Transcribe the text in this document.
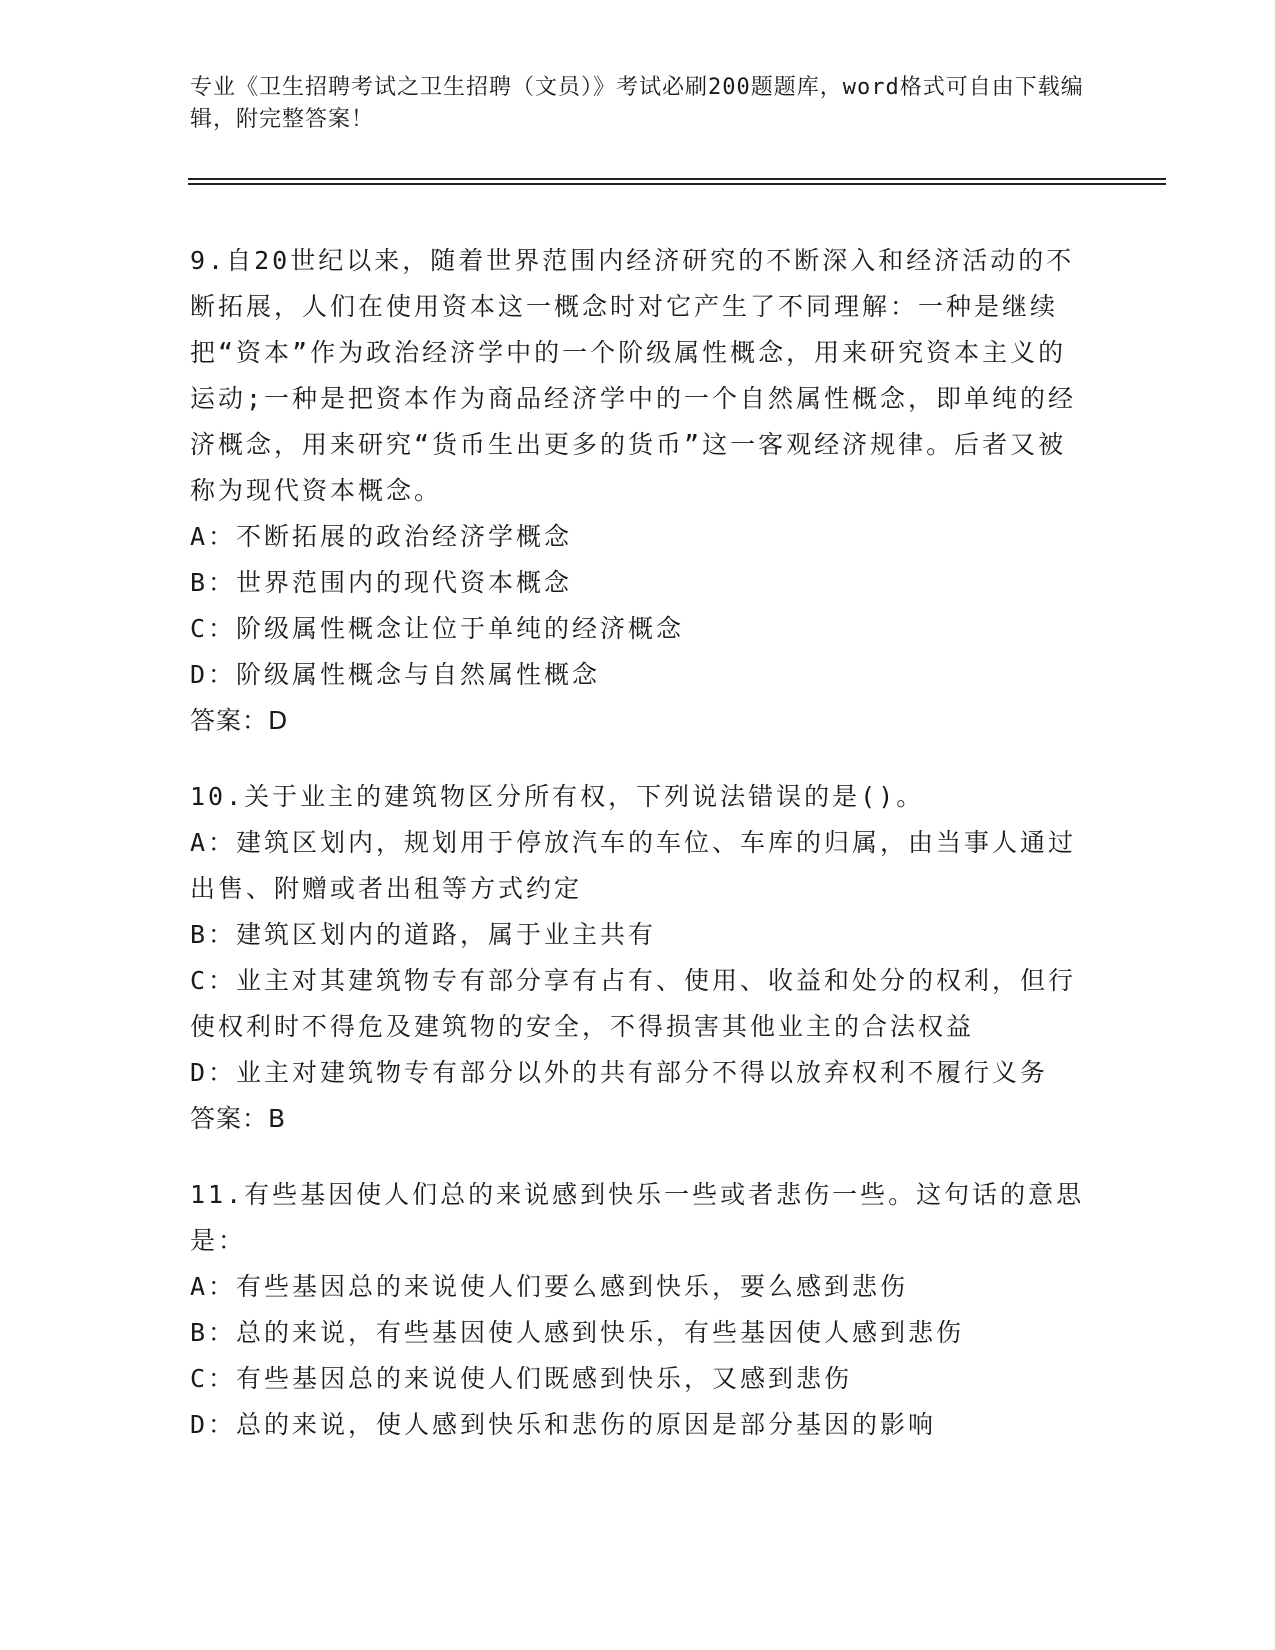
专业《卫生招聘考试之卫生招聘（文员）》考试必刷200题题库，word格式可自由下载编辑，附完整答案！

9.自20世纪以来，随着世界范围内经济研究的不断深入和经济活动的不断拓展，人们在使用资本这一概念时对它产生了不同理解：一种是继续把“资本”作为政治经济学中的一个阶级属性概念，用来研究资本主义的运动;一种是把资本作为商品经济学中的一个自然属性概念，即单纯的经济概念，用来研究“货币生出更多的货币”这一客观经济规律。后者又被称为现代资本概念。

A：不断拓展的政治经济学概念

B：世界范围内的现代资本概念

C：阶级属性概念让位于单纯的经济概念

D：阶级属性概念与自然属性概念

答案：D

10.关于业主的建筑物区分所有权，下列说法错误的是()。

A：建筑区划内，规划用于停放汽车的车位、车库的归属，由当事人通过出售、附赠或者出租等方式约定

B：建筑区划内的道路，属于业主共有

C：业主对其建筑物专有部分享有占有、使用、收益和处分的权利，但行使权利时不得危及建筑物的安全，不得损害其他业主的合法权益

D：业主对建筑物专有部分以外的共有部分不得以放弃权利不履行义务

答案：B

11.有些基因使人们总的来说感到快乐一些或者悲伤一些。这句话的意思是：

A：有些基因总的来说使人们要么感到快乐，要么感到悲伤

B：总的来说，有些基因使人感到快乐，有些基因使人感到悲伤

C：有些基因总的来说使人们既感到快乐，又感到悲伤

D：总的来说，使人感到快乐和悲伤的原因是部分基因的影响
